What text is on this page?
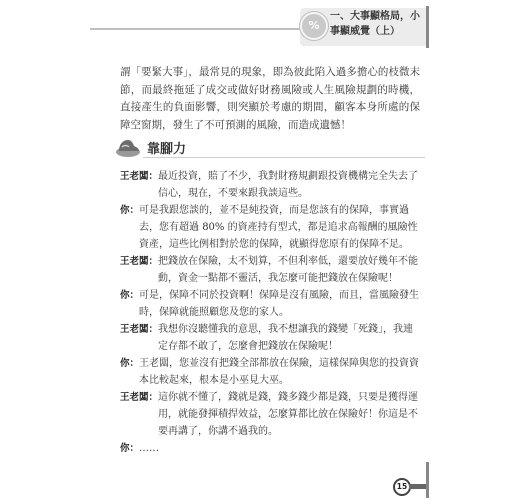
%
一、大事顯格局，小事顯威覺（上）
謂「要緊大事」，最常見的現象，即為彼此陷入過多擔心的枝微末節，而最終拖延了成交或做好財務風險或人生風險規劃的時機，直接產生的負面影響，則突顯於考慮的期間，顧客本身所處的保障空窗期，發生了不可預測的風險，而造成遺憾！
靠腳力

王老闆： 最近投資，賠了不少，我對財務規劃跟投資機構完全失去了信心，現在，不要來跟我談這些。

你： 可是我跟您談的，並不是純投資，而是您該有的保障，事實過去，您有超過 80% 的資產持有型式，都是追求高報酬的風險性資產，這些比例相對於您的保障，就顯得您原有的保障不足。

王老闆： 把錢放在保險，太不划算，不但利率低，還要放好幾年不能動，資金一點都不靈活，我怎麼可能把錢放在保險呢！

你： 可是，保障不同於投資啊！保障是沒有風險，而且，當風險發生時，保障就能照顧您及您的家人。

王老闆： 我想你沒聽懂我的意思，我不想讓我的錢變「死錢」，我連定存都不敢了，怎麼會把錢放在保險呢！

你： 王老闆，您並沒有把錢全部都放在保險，這樣保障與您的投資資本比較起來，根本是小巫見大巫。

王老闆： 這你就不懂了，錢就是錢，錢多錢少都是錢，只要是獲得運用，就能發揮積捍效益，怎麼算都比放在保險好！你這是不要再講了，你講不過我的。

你： ……

15
